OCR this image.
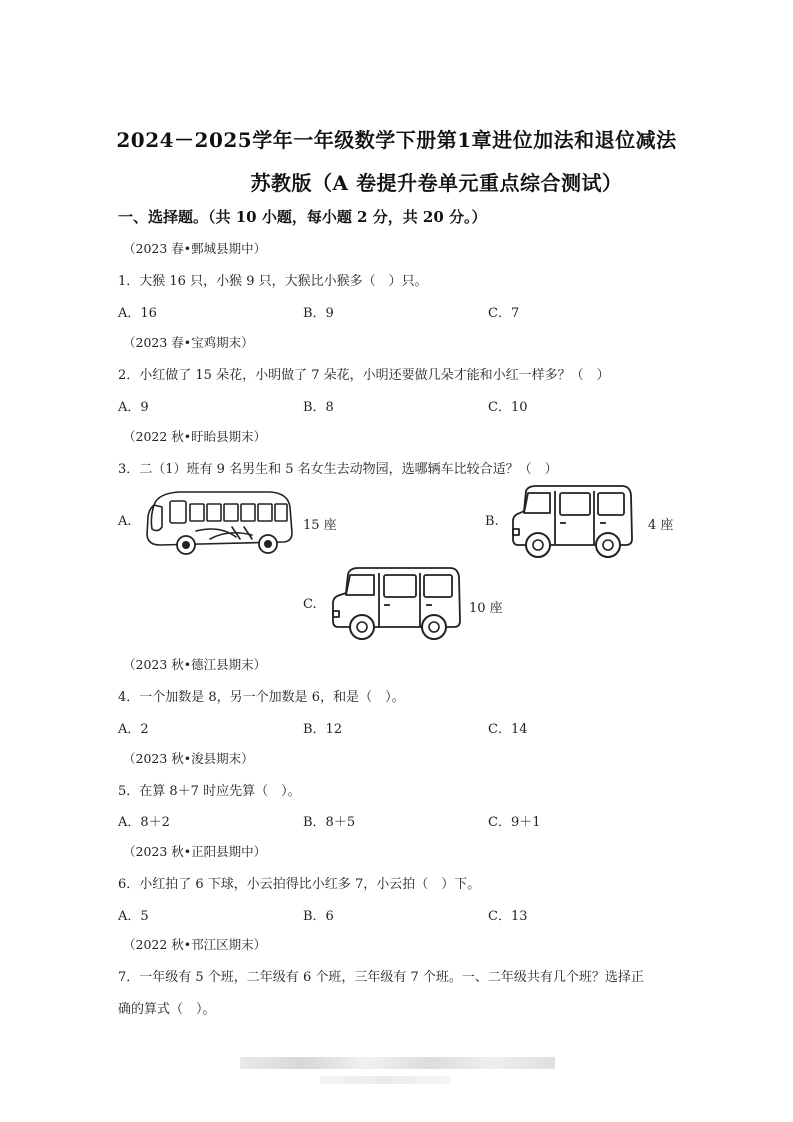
2024－2025学年一年级数学下册第1章进位加法和退位减法
苏教版（A 卷提升卷单元重点综合测试）
一、选择题。（共 10 小题，每小题 2 分，共 20 分。）
（2023 春•鄄城县期中）
1．大猴 16 只，小猴 9 只，大猴比小猴多（　）只。
A．16	B．9	C．7
（2023 春•宝鸡期末）
2．小红做了 15 朵花，小明做了 7 朵花，小明还要做几朵才能和小红一样多？（　）
A．9	B．8	C．10
（2022 秋•盱眙县期末）
3．二（1）班有 9 名男生和 5 名女生去动物园，选哪辆车比较合适？（　）
A.	15 座	B.	4 座
C.	10 座
（2023 秋•德江县期末）
4．一个加数是 8，另一个加数是 6，和是（　）。
A．2	B．12	C．14
（2023 秋•浚县期末）
5．在算 8＋7 时应先算（　）。
A．8＋2	B．8＋5	C．9＋1
（2023 秋•正阳县期中）
6．小红拍了 6 下球，小云拍得比小红多 7，小云拍（　）下。
A．5	B．6	C．13
（2022 秋•邗江区期末）
7．一年级有 5 个班，二年级有 6 个班，三年级有 7 个班。一、二年级共有几个班？选择正
确的算式（　）。
